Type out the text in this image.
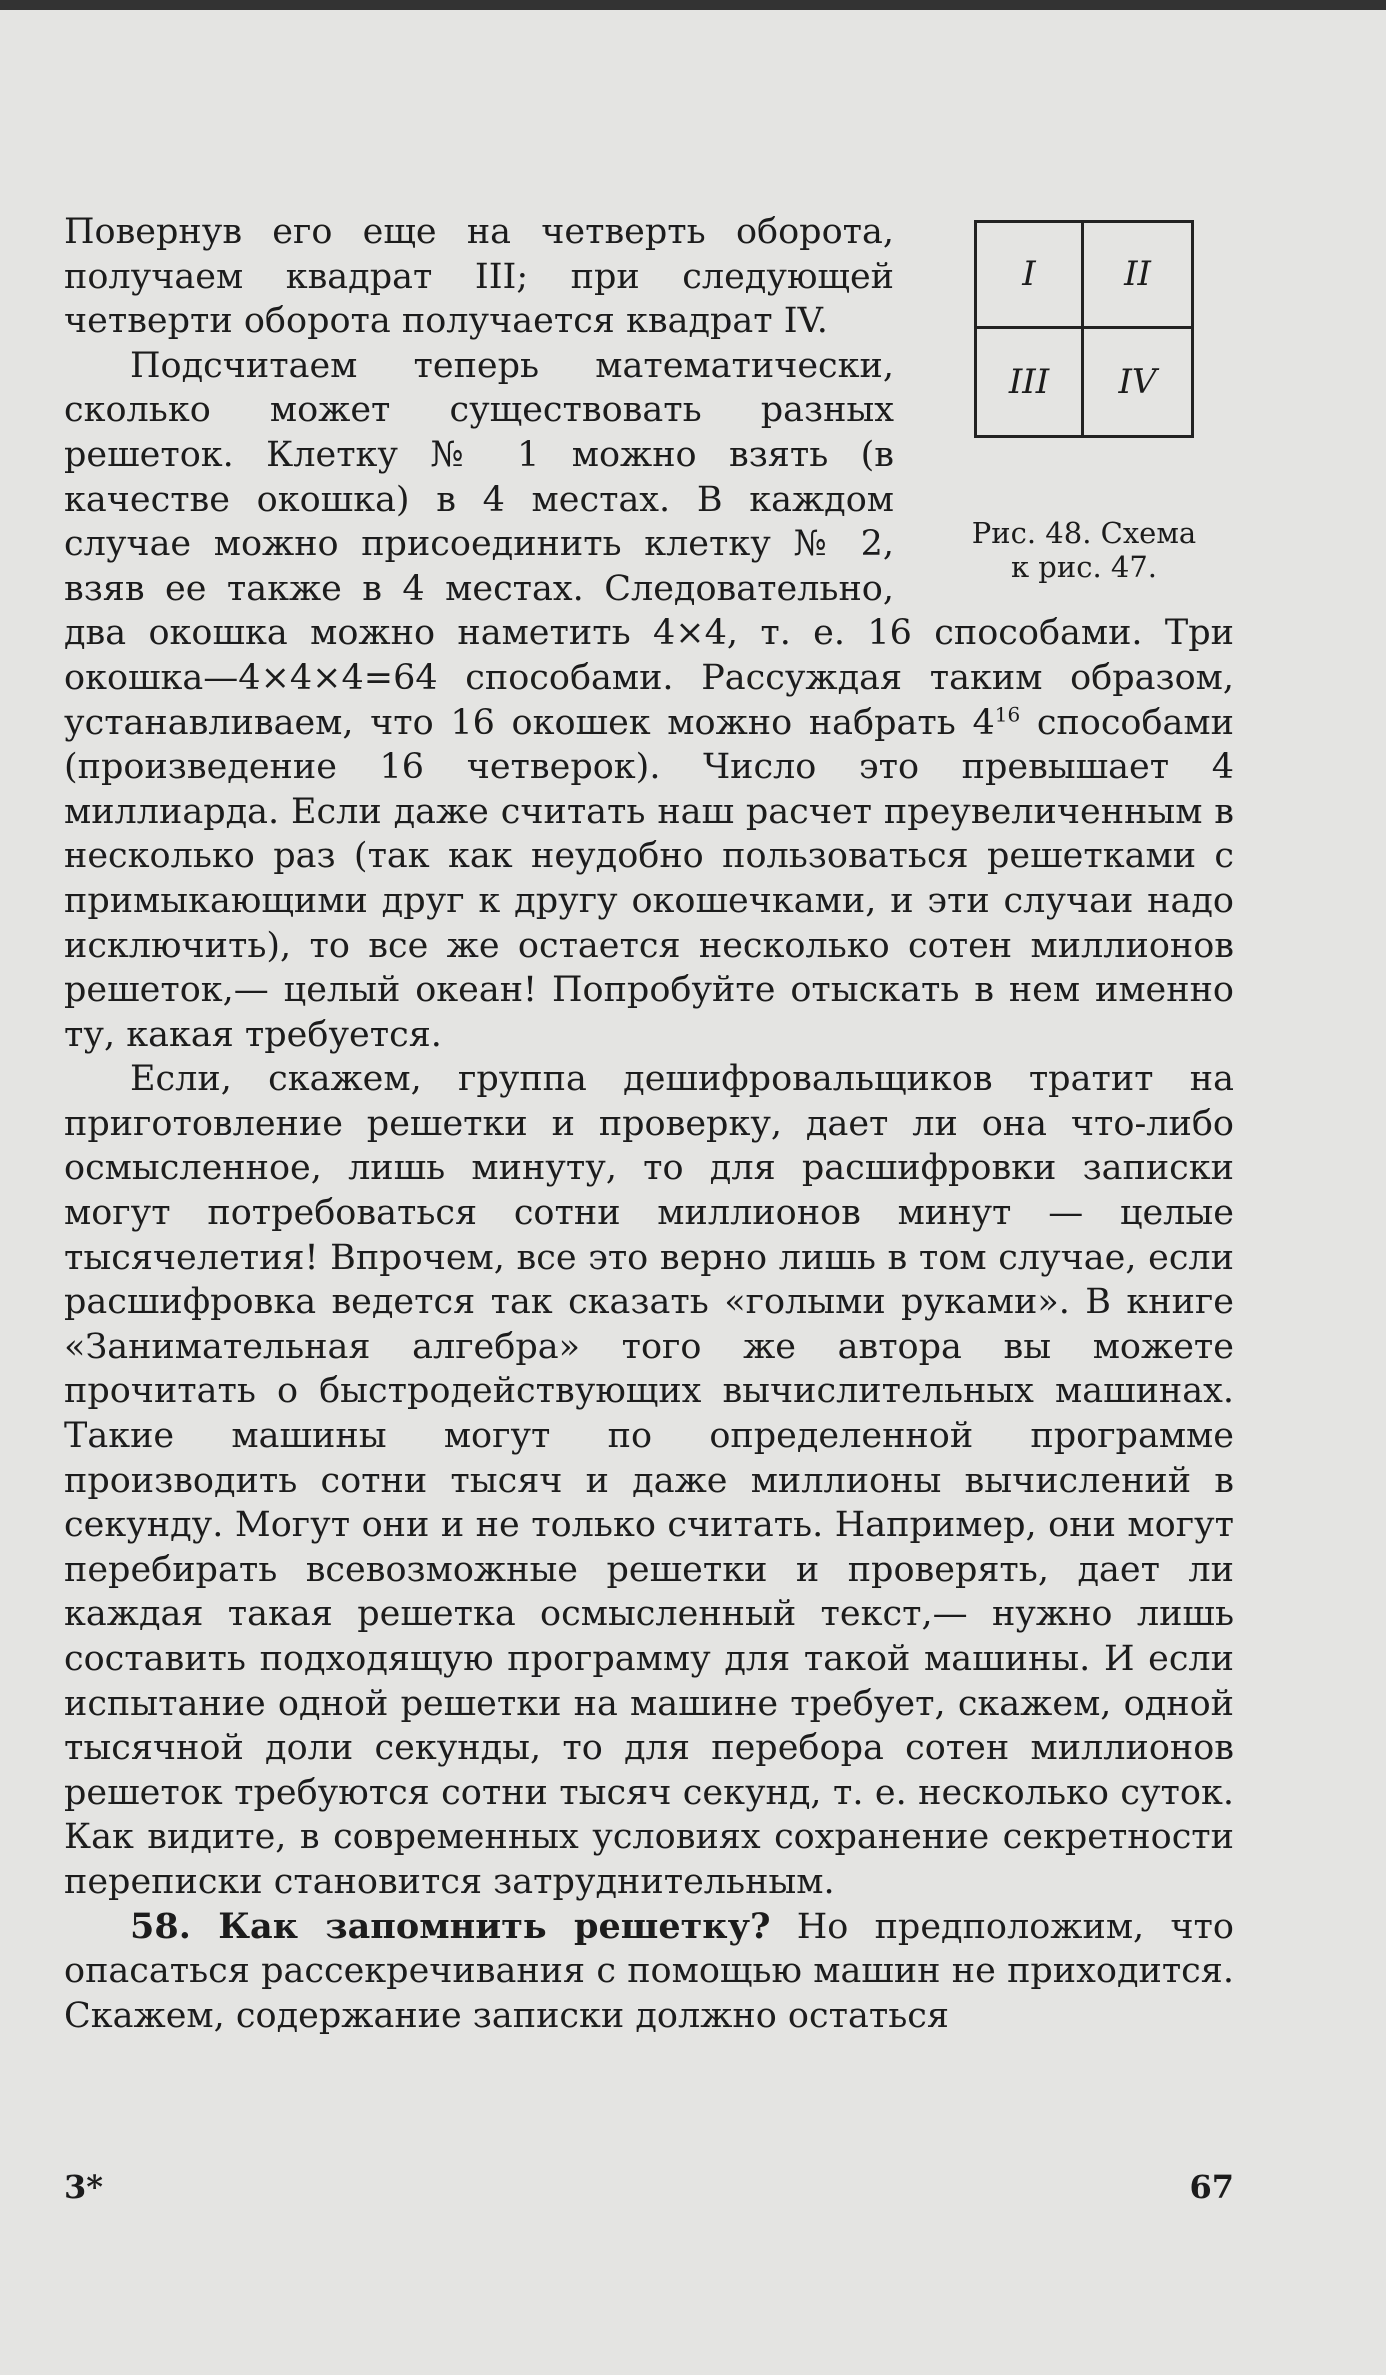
I	II
III	IV
Рис. 48. Схема
к рис. 47.

Повернув его еще на четверть оборота, получаем квадрат III; при следующей четверти оборота получается квадрат IV.

Подсчитаем теперь математически, сколько может существовать разных решеток. Клетку № 1 можно взять (в качестве окошка) в 4 местах. В каждом случае можно присоединить клетку № 2, взяв ее также в 4 местах. Следовательно, два окошка можно наметить 4×4, т. е. 16 способами. Три окошка—4×4×4=64 способами. Рассуждая таким образом, устанавливаем, что 16 окошек можно набрать $4^{16}$ способами (произведение 16 четверок). Число это превышает 4 миллиарда. Если даже считать наш расчет преувеличенным в несколько раз (так как неудобно пользоваться решетками с примыкающими друг к другу окошечками, и эти случаи надо исключить), то все же остается несколько сотен миллионов решеток,— целый океан! Попробуйте отыскать в нем именно ту, какая требуется.

Если, скажем, группа дешифровальщиков тратит на приготовление решетки и проверку, дает ли она что-либо осмысленное, лишь минуту, то для расшифровки записки могут потребоваться сотни миллионов минут — целые тысячелетия! Впрочем, все это верно лишь в том случае, если расшифровка ведется так сказать «голыми руками». В книге «Занимательная алгебра» того же автора вы можете прочитать о быстродействующих вычислительных машинах. Такие машины могут по определенной программе производить сотни тысяч и даже миллионы вычислений в секунду. Могут они и не только считать. Например, они могут перебирать всевозможные решетки и проверять, дает ли каждая такая решетка осмысленный текст,— нужно лишь составить подходящую программу для такой машины. И если испытание одной решетки на машине требует, скажем, одной тысячной доли секунды, то для перебора сотен миллионов решеток требуются сотни тысяч секунд, т. е. несколько суток. Как видите, в современных условиях сохранение секретности переписки становится затруднительным.

58. Как запомнить решетку? Но предположим, что опасаться рассекречивания с помощью машин не приходится. Скажем, содержание записки должно остаться

3*	67
